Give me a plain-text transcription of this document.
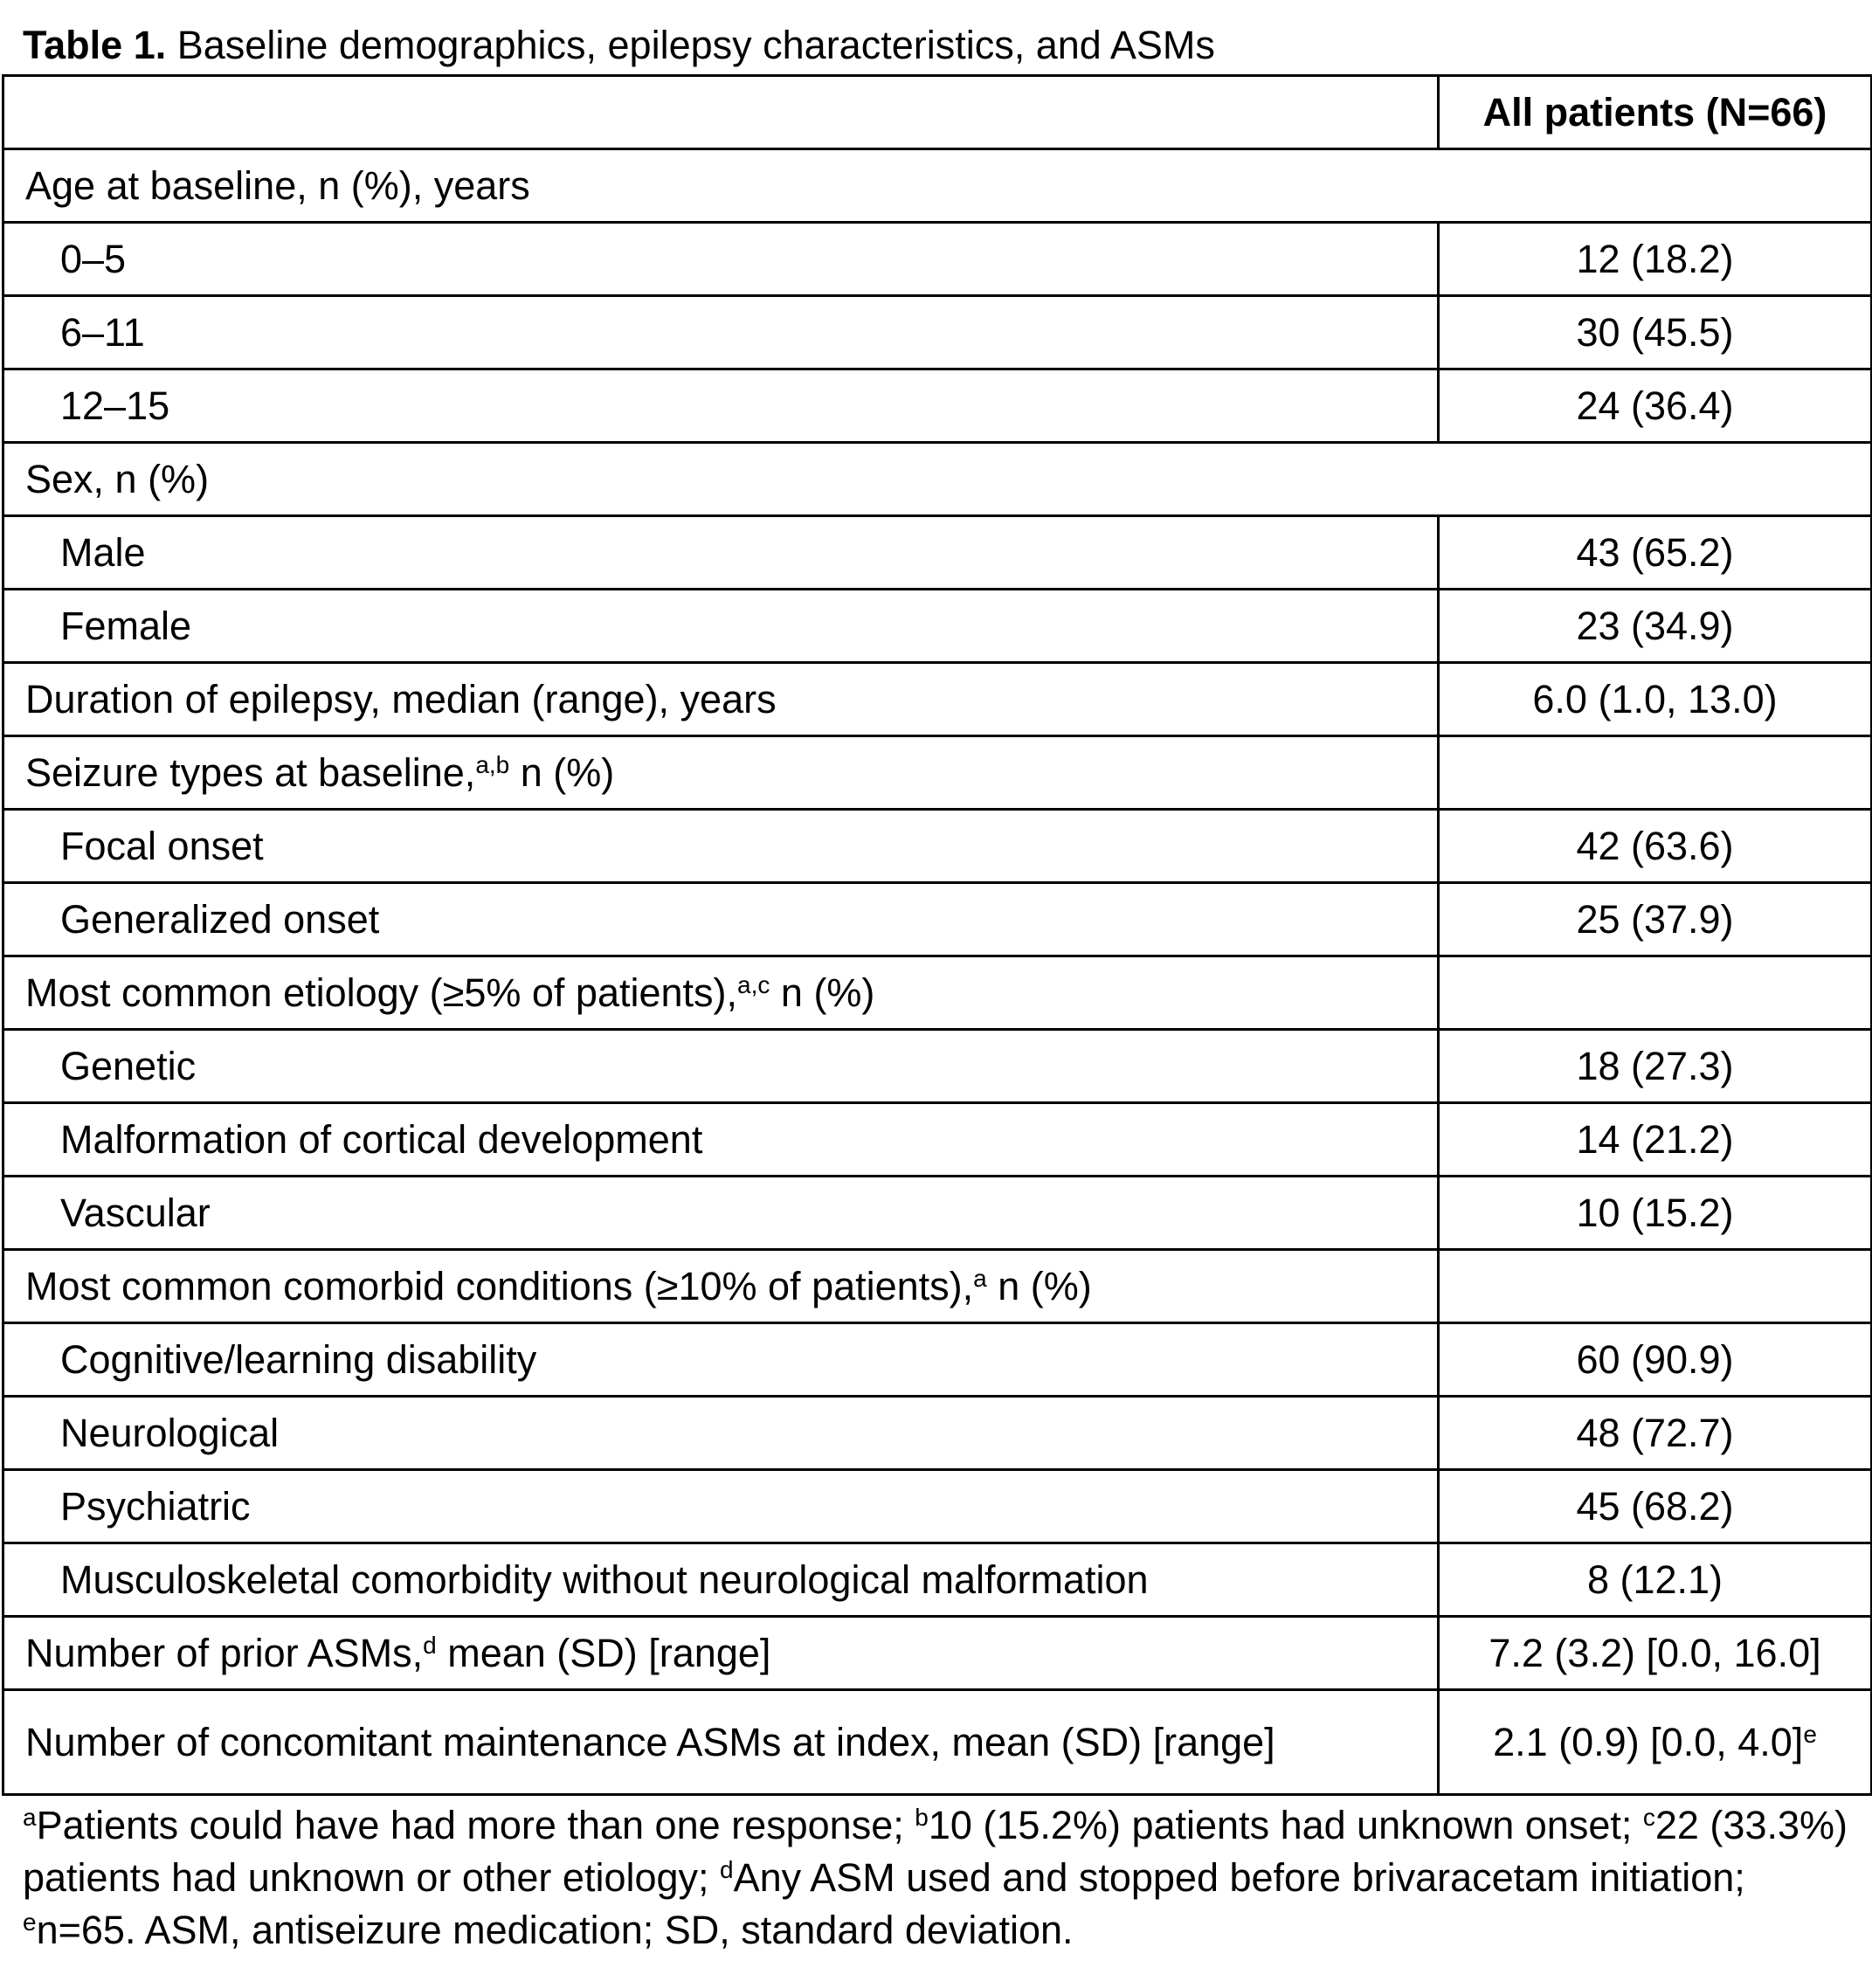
Table 1. Baseline demographics, epilepsy characteristics, and ASMs
	All patients (N=66)
Age at baseline, n (%), years	
0–5	12 (18.2)
6–11	30 (45.5)
12–15	24 (36.4)
Sex, n (%)	
Male	43 (65.2)
Female	23 (34.9)
Duration of epilepsy, median (range), years	6.0 (1.0, 13.0)
Seizure types at baseline,$^{a,b}$ n (%)	
Focal onset	42 (63.6)
Generalized onset	25 (37.9)
Most common etiology (≥5% of patients),$^{a,c}$ n (%)	
Genetic	18 (27.3)
Malformation of cortical development	14 (21.2)
Vascular	10 (15.2)
Most common comorbid conditions (≥10% of patients),$^a$ n (%)	
Cognitive/learning disability	60 (90.9)
Neurological	48 (72.7)
Psychiatric	45 (68.2)
Musculoskeletal comorbidity without neurological malformation	8 (12.1)
Number of prior ASMs,$^d$ mean (SD) [range]	7.2 (3.2) [0.0, 16.0]
Number of concomitant maintenance ASMs at index, mean (SD) [range]	2.1 (0.9) [0.0, 4.0]$^e$
$^a$Patients could have had more than one response; $^b$10 (15.2%) patients had unknown onset; $^c$22 (33.3%) patients had unknown or other etiology; $^d$Any ASM used and stopped before brivaracetam initiation; $^e$n=65. ASM, antiseizure medication; SD, standard deviation.
